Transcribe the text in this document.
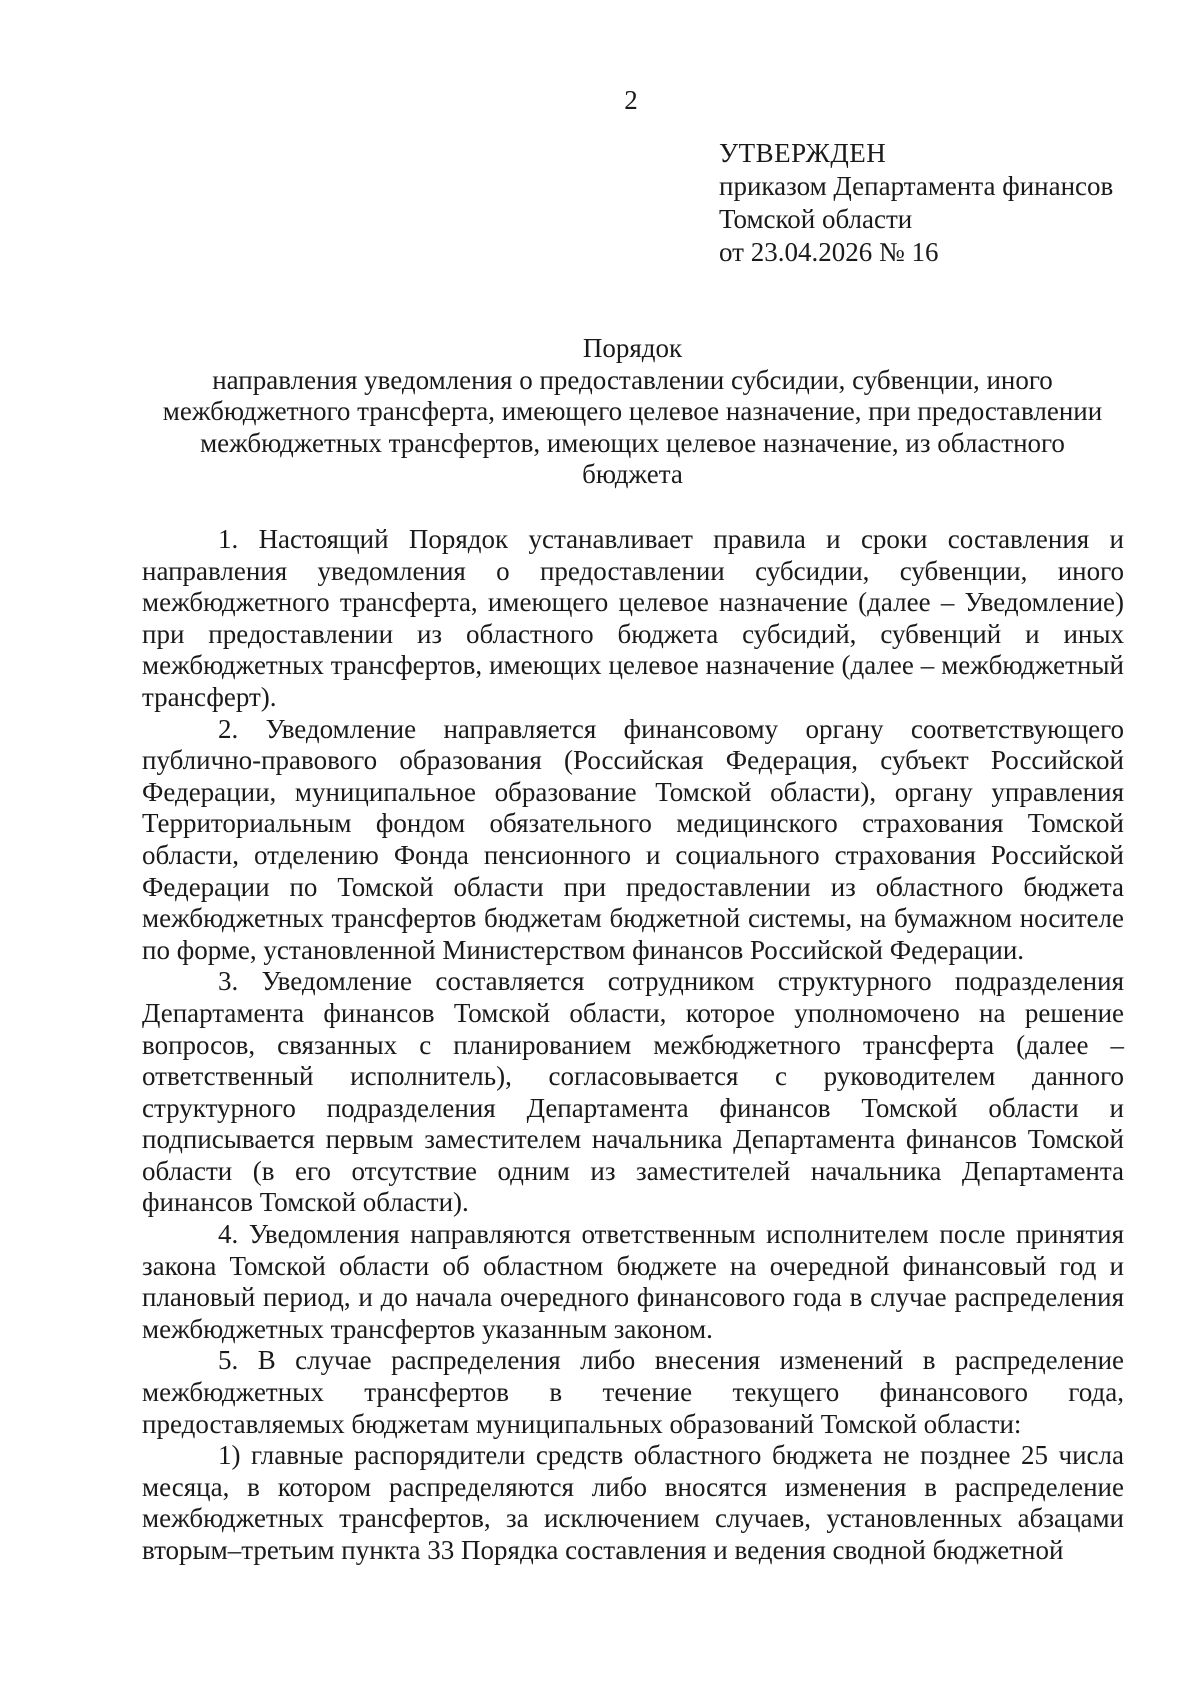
2
УТВЕРЖДЕН
приказом Департамента финансов
Томской области
от 23.04.2026 № 16
Порядок
направления уведомления о предоставлении субсидии, субвенции, иного
межбюджетного трансферта, имеющего целевое назначение, при предоставлении
межбюджетных трансфертов, имеющих целевое назначение, из областного
бюджета

1. Настоящий Порядок устанавливает правила и сроки составления и направления уведомления о предоставлении субсидии, субвенции, иного межбюджетного трансферта, имеющего целевое назначение (далее – Уведомление) при предоставлении из областного бюджета субсидий, субвенций и иных межбюджетных трансфертов, имеющих целевое назначение (далее – межбюджетный трансферт).

2. Уведомление направляется финансовому органу соответствующего публично-правового образования (Российская Федерация, субъект Российской Федерации, муниципальное образование Томской области), органу управления Территориальным фондом обязательного медицинского страхования Томской области, отделению Фонда пенсионного и социального страхования Российской Федерации по Томской области при предоставлении из областного бюджета межбюджетных трансфертов бюджетам бюджетной системы, на бумажном носителе по форме, установленной Министерством финансов Российской Федерации.

3. Уведомление составляется сотрудником структурного подразделения Департамента финансов Томской области, которое уполномочено на решение вопросов, связанных с планированием межбюджетного трансферта (далее – ответственный исполнитель), согласовывается с руководителем данного структурного подразделения Департамента финансов Томской области и подписывается первым заместителем начальника Департамента финансов Томской области (в его отсутствие одним из заместителей начальника Департамента финансов Томской области).

4. Уведомления направляются ответственным исполнителем после принятия закона Томской области об областном бюджете на очередной финансовый год и плановый период, и до начала очередного финансового года в случае распределения межбюджетных трансфертов указанным законом.

5. В случае распределения либо внесения изменений в распределение межбюджетных трансфертов в течение текущего финансового года, предоставляемых бюджетам муниципальных образований Томской области:

1) главные распорядители средств областного бюджета не позднее 25 числа месяца, в котором распределяются либо вносятся изменения в распределение межбюджетных трансфертов, за исключением случаев, установленных абзацами вторым–третьим пункта 33 Порядка составления и ведения сводной бюджетной
